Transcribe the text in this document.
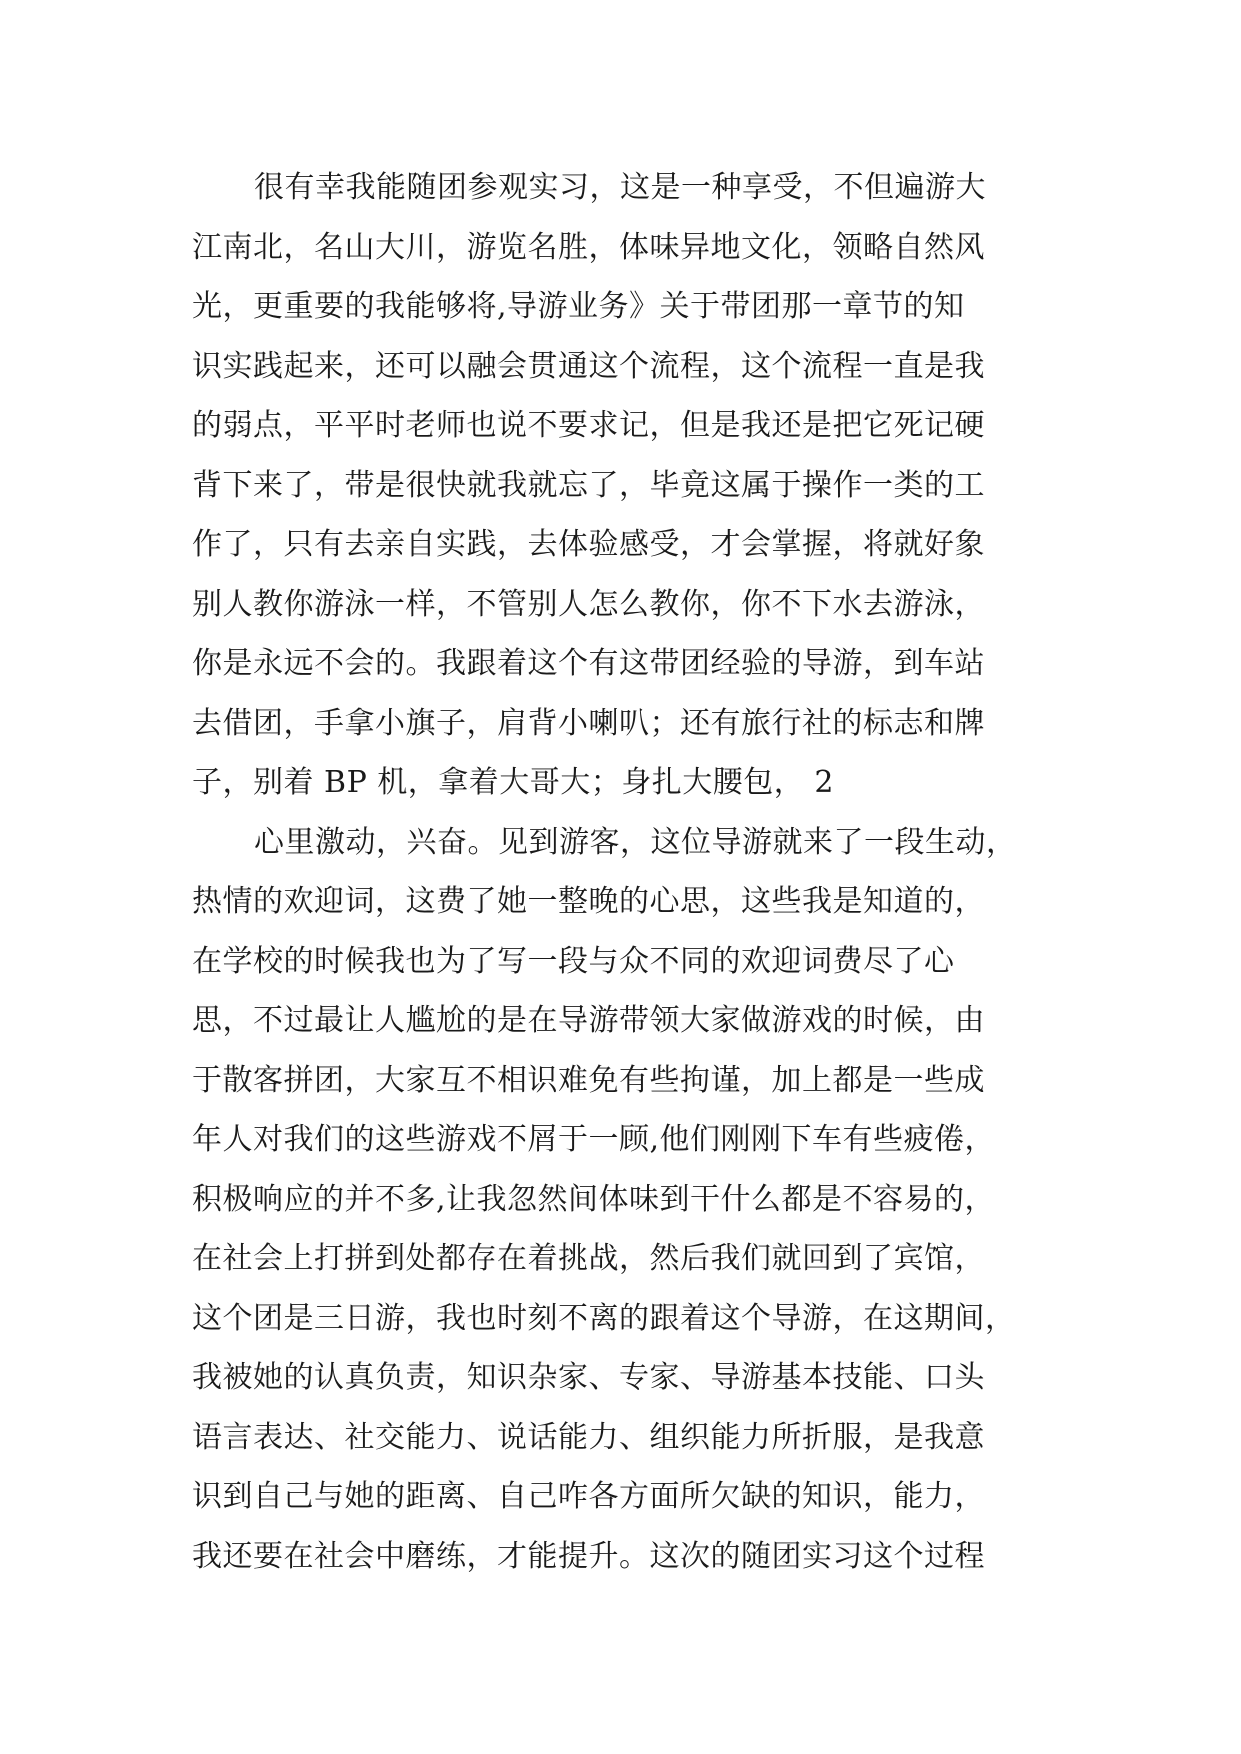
很有幸我能随团参观实习，这是一种享受，不但遍游大
江南北，名山大川，游览名胜，体味异地文化，领略自然风
光，更重要的我能够将,导游业务》关于带团那一章节的知
识实践起来，还可以融会贯通这个流程，这个流程一直是我
的弱点，平平时老师也说不要求记，但是我还是把它死记硬
背下来了，带是很快就我就忘了，毕竟这属于操作一类的工
作了，只有去亲自实践，去体验感受，才会掌握，将就好象
别人教你游泳一样，不管别人怎么教你，你不下水去游泳，
你是永远不会的。我跟着这个有这带团经验的导游，到车站
去借团，手拿小旗子，肩背小喇叭；还有旅行社的标志和牌
子，别着 BP 机，拿着大哥大；身扎大腰包， 2
心里激动，兴奋。见到游客，这位导游就来了一段生动，
热情的欢迎词，这费了她一整晚的心思，这些我是知道的，
在学校的时候我也为了写一段与众不同的欢迎词费尽了心
思，不过最让人尴尬的是在导游带领大家做游戏的时候，由
于散客拼团，大家互不相识难免有些拘谨，加上都是一些成
年人对我们的这些游戏不屑于一顾,他们刚刚下车有些疲倦，
积极响应的并不多,让我忽然间体味到干什么都是不容易的，
在社会上打拼到处都存在着挑战，然后我们就回到了宾馆，
这个团是三日游，我也时刻不离的跟着这个导游，在这期间，
我被她的认真负责，知识杂家、专家、导游基本技能、口头
语言表达、社交能力、说话能力、组织能力所折服，是我意
识到自己与她的距离、自己咋各方面所欠缺的知识，能力，
我还要在社会中磨练，才能提升。这次的随团实习这个过程
